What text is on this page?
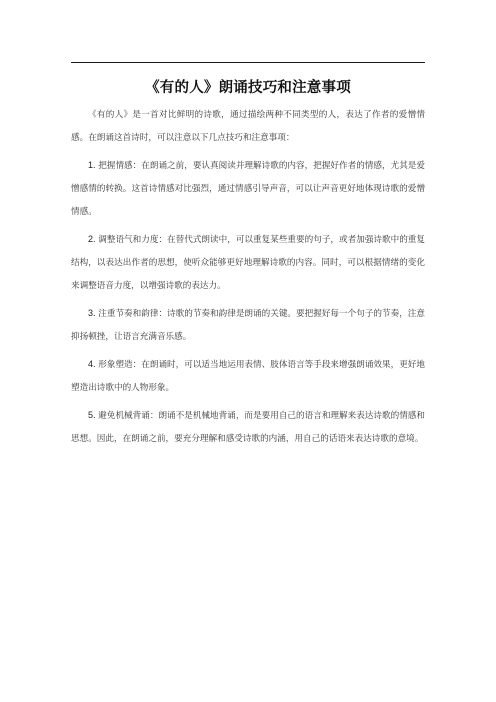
《有的人》朗诵技巧和注意事项

《有的人》是一首对比鲜明的诗歌，通过描绘两种不同类型的人，表达了作者的爱憎情感。在朗诵这首诗时，可以注意以下几点技巧和注意事项：

1. 把握情感：在朗诵之前，要认真阅读并理解诗歌的内容，把握好作者的情感，尤其是爱憎感情的转换。这首诗情感对比强烈，通过情感引导声音，可以让声音更好地体现诗歌的爱憎情感。

2. 调整语气和力度：在替代式朗读中，可以重复某些重要的句子，或者加强诗歌中的重复结构，以表达出作者的思想，使听众能够更好地理解诗歌的内容。同时，可以根据情绪的变化来调整语音力度，以增强诗歌的表达力。

3. 注重节奏和韵律：诗歌的节奏和韵律是朗诵的关键。要把握好每一个句子的节奏，注意抑扬顿挫，让语言充满音乐感。

4. 形象塑造：在朗诵时，可以适当地运用表情、肢体语言等手段来增强朗诵效果，更好地塑造出诗歌中的人物形象。

5. 避免机械背诵：朗诵不是机械地背诵，而是要用自己的语言和理解来表达诗歌的情感和思想。因此，在朗诵之前，要充分理解和感受诗歌的内涵，用自己的话语来表达诗歌的意境。
